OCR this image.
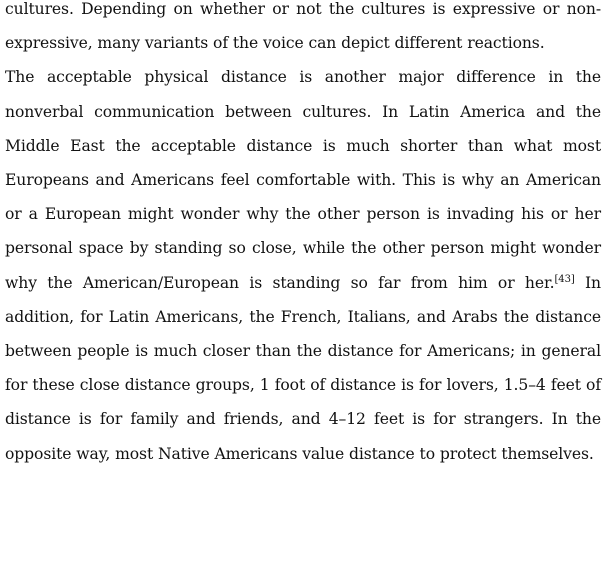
cultures. Depending on whether or not the cultures is expressive or non-expressive, many variants of the voice can depict different reactions.

The acceptable physical distance is another major difference in the nonverbal communication between cultures. In Latin America and the Middle East the acceptable distance is much shorter than what most Europeans and Americans feel comfortable with. This is why an American or a European might wonder why the other person is invading his or her personal space by standing so close, while the other person might wonder why the American/European is standing so far from him or her.[43] In addition, for Latin Americans, the French, Italians, and Arabs the distance between people is much closer than the distance for Americans; in general for these close distance groups, 1 foot of distance is for lovers, 1.5–4 feet of distance is for family and friends, and 4–12 feet is for strangers. In the opposite way, most Native Americans value distance to protect themselves.
